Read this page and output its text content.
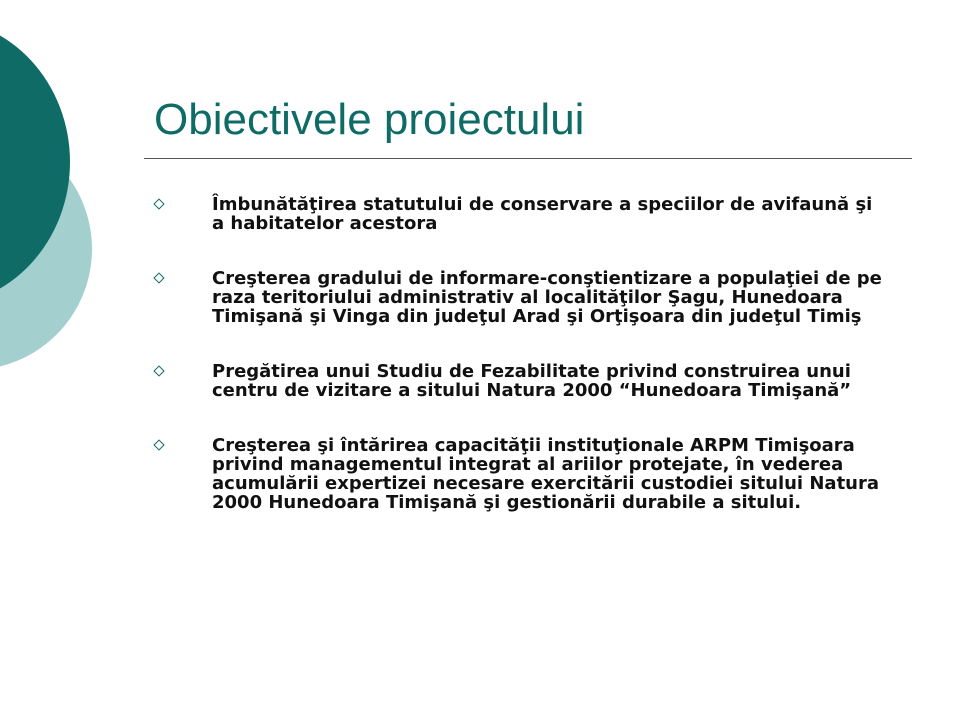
Obiectivele proiectului
Îmbunătăţirea statutului de conservare a speciilor de avifaună şi a habitatelor acestora
Creşterea gradului de informare-conştientizare a populaţiei de pe raza teritoriului administrativ al localităţilor Şagu, Hunedoara Timişană şi Vinga din judeţul Arad şi Orţişoara din judeţul Timiş
Pregătirea unui Studiu de Fezabilitate privind construirea unui centru de vizitare a sitului Natura 2000 “Hunedoara Timişană”
Creşterea şi întărirea capacităţii instituţionale ARPM Timişoara privind managementul integrat al ariilor protejate, în vederea acumulării expertizei necesare exercitării custodiei sitului Natura 2000 Hunedoara Timişană şi gestionării durabile a sitului.
